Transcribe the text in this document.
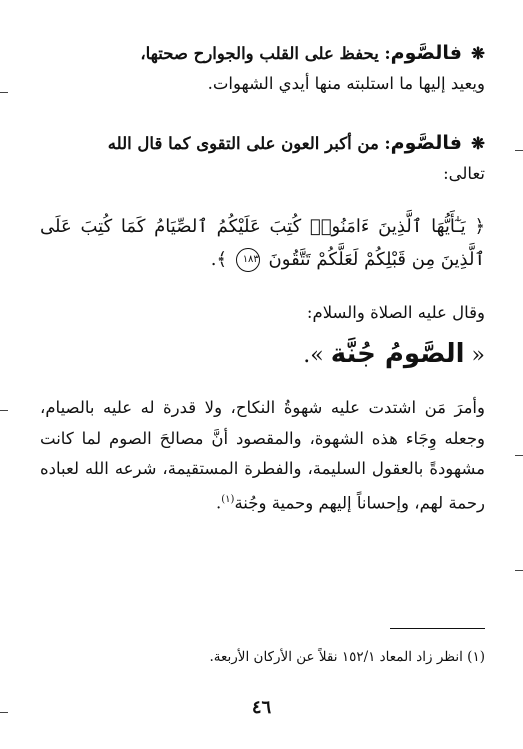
❋ فالصَّوم: يحفظ على القلب والجوارح صحتها،
ويعيد إليها ما استلبته منها أيدي الشهوات.
❋ فالصَّوم: من أكبر العون على التقوى كما قال الله
تعالى:
﴿ يَـٰٓأَيُّهَا ٱلَّذِينَ ءَامَنُوا۟ كُتِبَ عَلَيْكُمُ ٱلصِّيَامُ كَمَا كُتِبَ عَلَى ٱلَّذِينَ مِن قَبْلِكُمْ لَعَلَّكُمْ تَتَّقُونَ ١٨٣ ﴾.
وقال عليه الصلاة والسلام:
« الصَّومُ جُنَّة ».
وأمرَ مَن اشتدت عليه شهوةُ النكاح، ولا قدرة له عليه بالصيام، وجعله وِجَاء هذه الشهوة، والمقصود أنَّ مصالحَ الصوم لما كانت مشهودةً بالعقول السليمة، والفطرة المستقيمة، شرعه الله لعباده رحمة لهم، وإحساناً إليهم وحمية وجُنة$^{(١)}$.
(١) انظر زاد المعاد ١٥٢/١ نقلاً عن الأركان الأربعة.
٤٦
